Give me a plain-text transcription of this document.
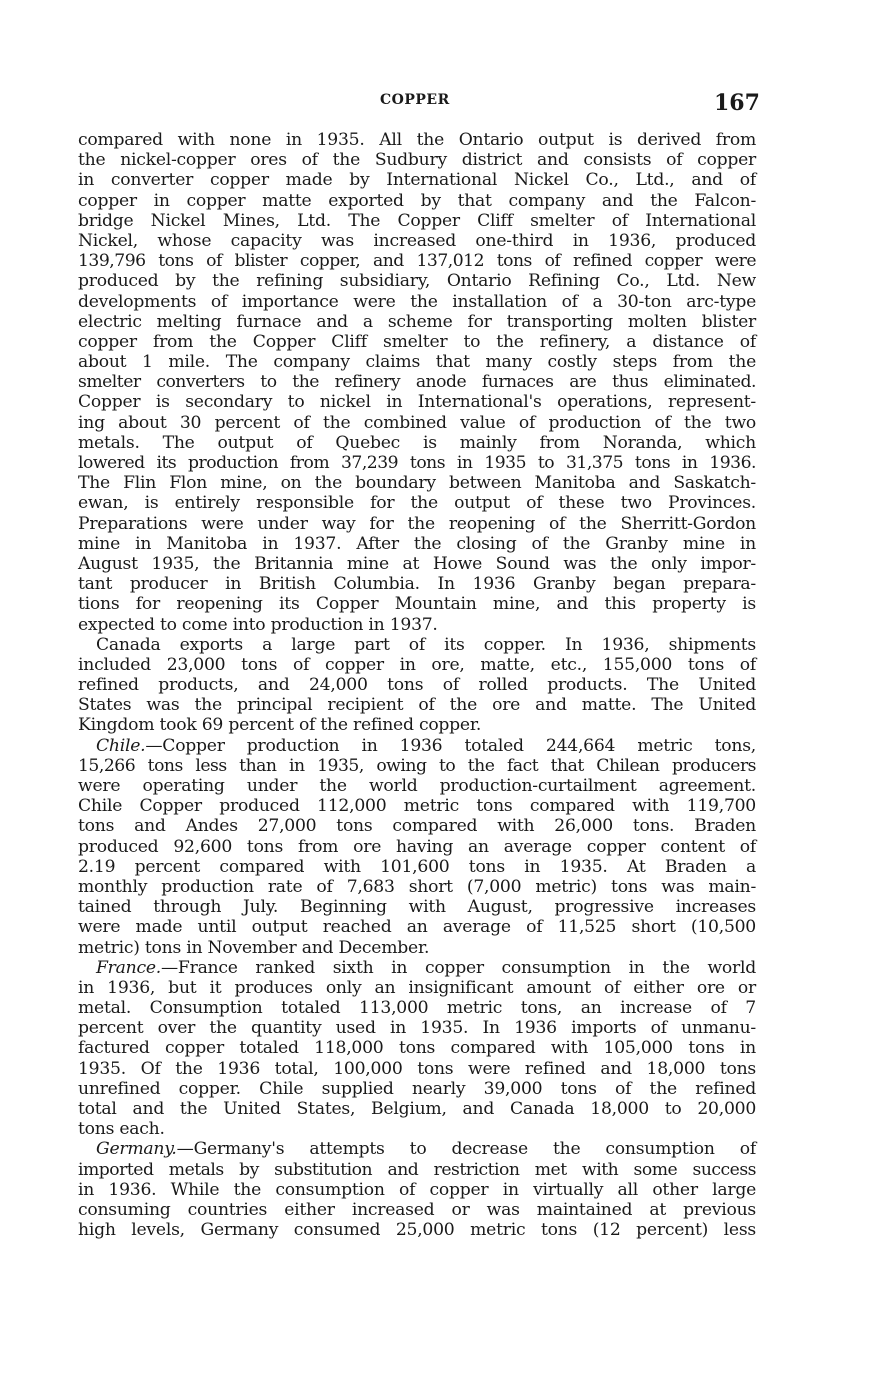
COPPER	167
compared with none in 1935. All the Ontario output is derived from
the nickel-copper ores of the Sudbury district and consists of copper
in converter copper made by International Nickel Co., Ltd., and of
copper in copper matte exported by that company and the Falcon-
bridge Nickel Mines, Ltd. The Copper Cliff smelter of International
Nickel, whose capacity was increased one-third in 1936, produced
139,796 tons of blister copper, and 137,012 tons of refined copper were
produced by the refining subsidiary, Ontario Refining Co., Ltd. New
developments of importance were the installation of a 30-ton arc-type
electric melting furnace and a scheme for transporting molten blister
copper from the Copper Cliff smelter to the refinery, a distance of
about 1 mile. The company claims that many costly steps from the
smelter converters to the refinery anode furnaces are thus eliminated.
Copper is secondary to nickel in International's operations, represent-
ing about 30 percent of the combined value of production of the two
metals. The output of Quebec is mainly from Noranda, which
lowered its production from 37,239 tons in 1935 to 31,375 tons in 1936.
The Flin Flon mine, on the boundary between Manitoba and Saskatch-
ewan, is entirely responsible for the output of these two Provinces.
Preparations were under way for the reopening of the Sherritt-Gordon
mine in Manitoba in 1937. After the closing of the Granby mine in
August 1935, the Britannia mine at Howe Sound was the only impor-
tant producer in British Columbia. In 1936 Granby began prepara-
tions for reopening its Copper Mountain mine, and this property is
expected to come into production in 1937.
Canada exports a large part of its copper. In 1936, shipments
included 23,000 tons of copper in ore, matte, etc., 155,000 tons of
refined products, and 24,000 tons of rolled products. The United
States was the principal recipient of the ore and matte. The United
Kingdom took 69 percent of the refined copper.
Chile.—Copper production in 1936 totaled 244,664 metric tons,
15,266 tons less than in 1935, owing to the fact that Chilean producers
were operating under the world production-curtailment agreement.
Chile Copper produced 112,000 metric tons compared with 119,700
tons and Andes 27,000 tons compared with 26,000 tons. Braden
produced 92,600 tons from ore having an average copper content of
2.19 percent compared with 101,600 tons in 1935. At Braden a
monthly production rate of 7,683 short (7,000 metric) tons was main-
tained through July. Beginning with August, progressive increases
were made until output reached an average of 11,525 short (10,500
metric) tons in November and December.
France.—France ranked sixth in copper consumption in the world
in 1936, but it produces only an insignificant amount of either ore or
metal. Consumption totaled 113,000 metric tons, an increase of 7
percent over the quantity used in 1935. In 1936 imports of unmanu-
factured copper totaled 118,000 tons compared with 105,000 tons in
1935. Of the 1936 total, 100,000 tons were refined and 18,000 tons
unrefined copper. Chile supplied nearly 39,000 tons of the refined
total and the United States, Belgium, and Canada 18,000 to 20,000
tons each.
Germany.—Germany's attempts to decrease the consumption of
imported metals by substitution and restriction met with some success
in 1936. While the consumption of copper in virtually all other large
consuming countries either increased or was maintained at previous
high levels, Germany consumed 25,000 metric tons (12 percent) less
